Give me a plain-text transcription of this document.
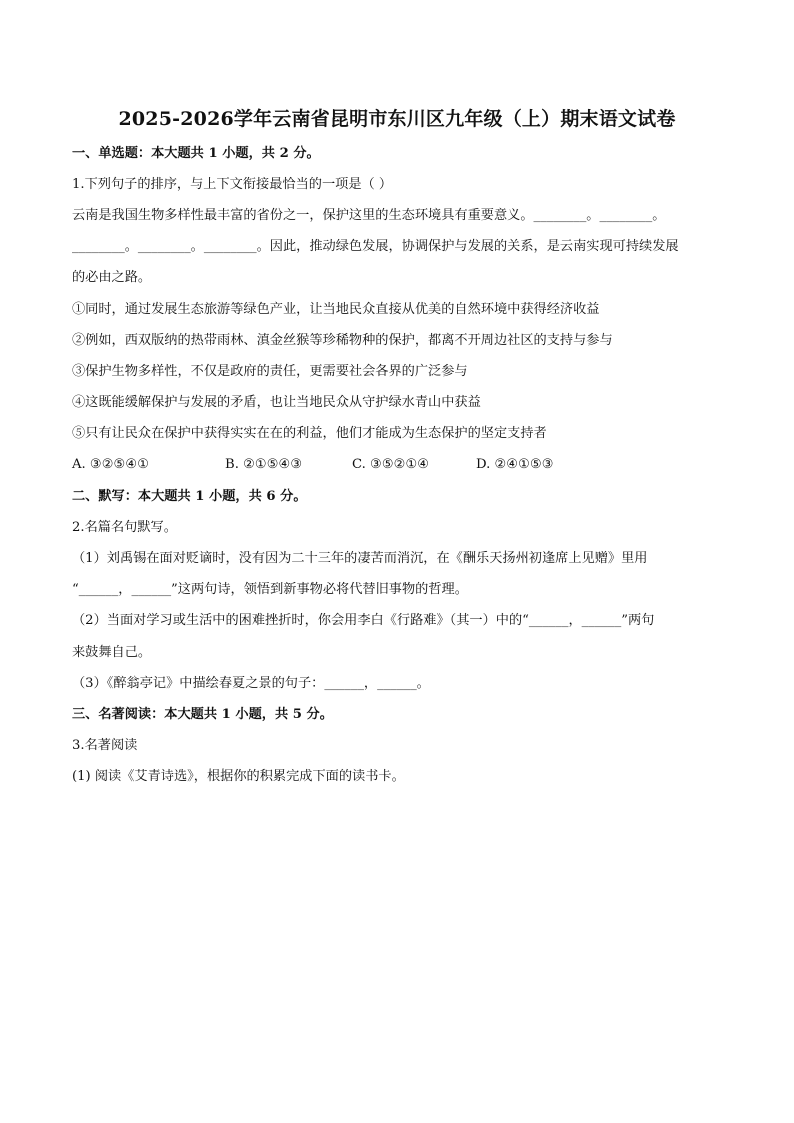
2025-2026学年云南省昆明市东川区九年级（上）期末语文试卷
一、单选题：本大题共 1 小题，共 2 分。
1.下列句子的排序，与上下文衔接最恰当的一项是（ ）
云南是我国生物多样性最丰富的省份之一，保护这里的生态环境具有重要意义。________。________。
________。________。________。因此，推动绿色发展，协调保护与发展的关系，是云南实现可持续发展
的必由之路。
①同时，通过发展生态旅游等绿色产业，让当地民众直接从优美的自然环境中获得经济收益
②例如，西双版纳的热带雨林、滇金丝猴等珍稀物种的保护，都离不开周边社区的支持与参与
③保护生物多样性，不仅是政府的责任，更需要社会各界的广泛参与
④这既能缓解保护与发展的矛盾，也让当地民众从守护绿水青山中获益
⑤只有让民众在保护中获得实实在在的利益，他们才能成为生态保护的坚定支持者
A. ③②⑤④①	B. ②①⑤④③	C. ③⑤②①④	D. ②④①⑤③
二、默写：本大题共 1 小题，共 6 分。
2.名篇名句默写。
（1）刘禹锡在面对贬谪时，没有因为二十三年的凄苦而消沉，在《酬乐天扬州初逢席上见赠》里用
“______，______”这两句诗，领悟到新事物必将代替旧事物的哲理。
（2）当面对学习或生活中的困难挫折时，你会用李白《行路难》（其一）中的“______，______”两句
来鼓舞自己。
（3）《醉翁亭记》中描绘春夏之景的句子：______，______。
三、名著阅读：本大题共 1 小题，共 5 分。
3.名著阅读
(1) 阅读《艾青诗选》，根据你的积累完成下面的读书卡。
